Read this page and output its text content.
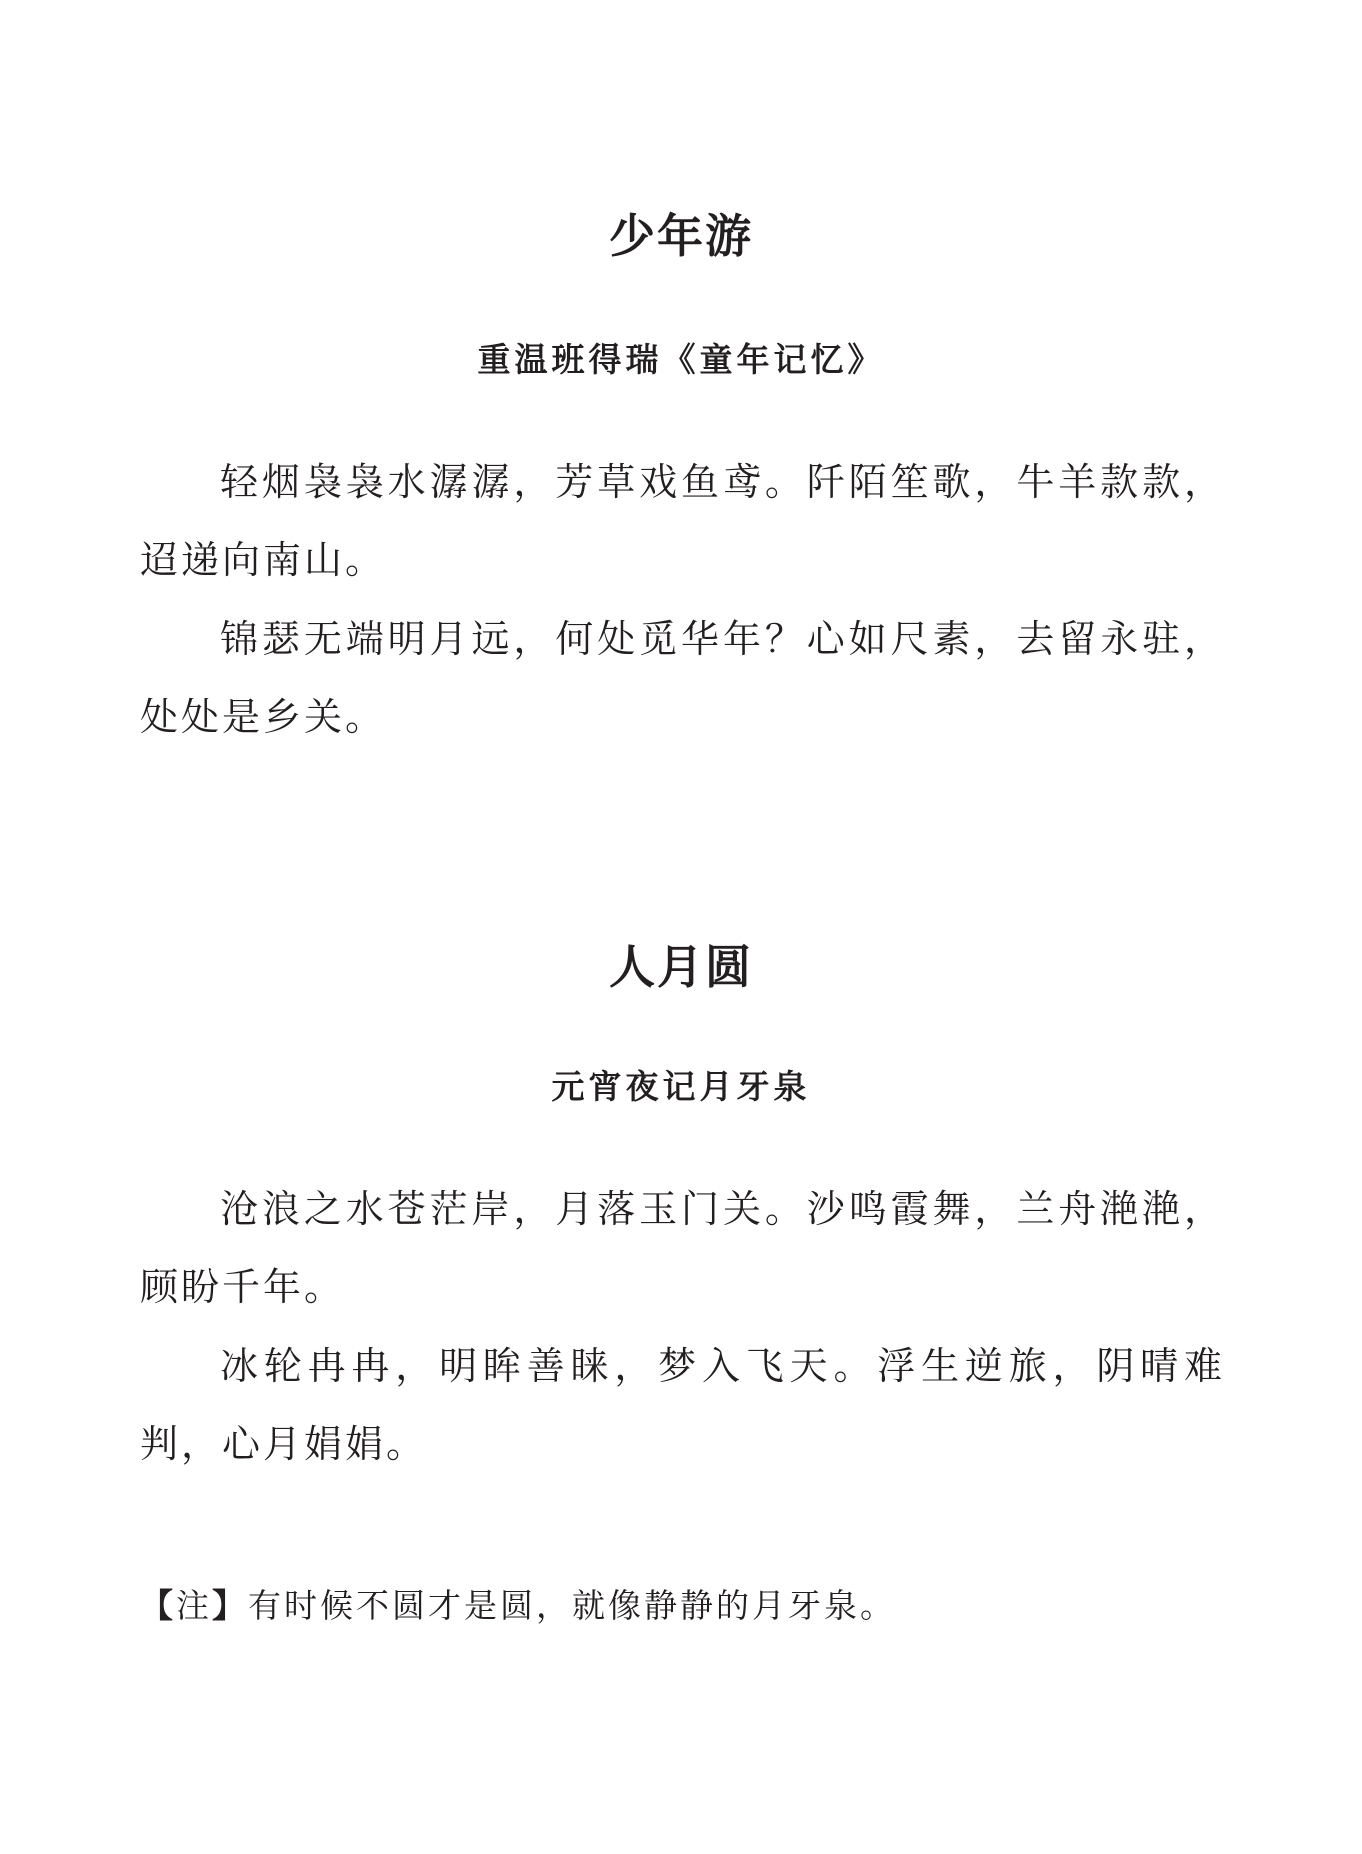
少年游
重温班得瑞《童年记忆》

轻烟袅袅水潺潺，芳草戏鱼鸢。阡陌笙歌，牛羊款款，迢递向南山。

锦瑟无端明月远，何处觅华年？心如尺素，去留永驻，处处是乡关。

人月圆
元宵夜记月牙泉

沧浪之水苍茫岸，月落玉门关。沙鸣霞舞，兰舟滟滟，顾盼千年。

冰轮冉冉，明眸善睐，梦入飞天。浮生逆旅，阴晴难判，心月娟娟。

【注】有时候不圆才是圆，就像静静的月牙泉。
